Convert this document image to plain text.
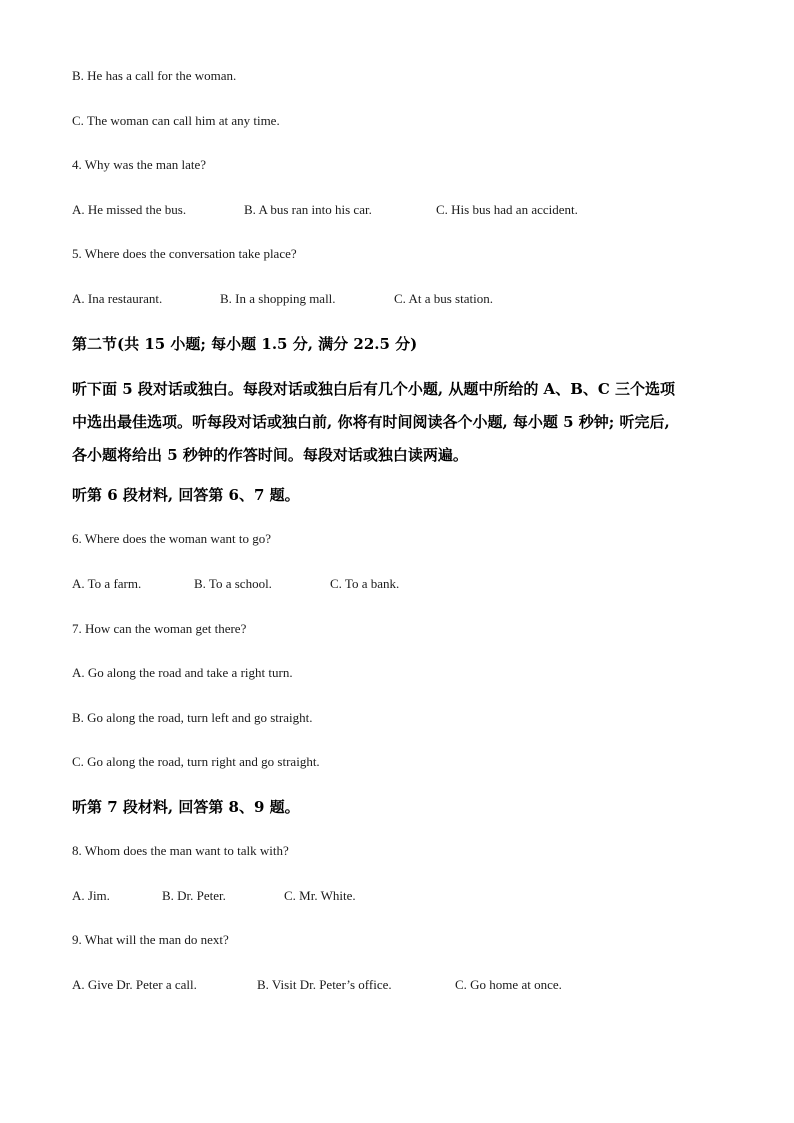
B. He has a call for the woman.
C. The woman can call him at any time.
4. Why was the man late?
A. He missed the bus.	B. A bus ran into his car.	C. His bus had an accident.
5. Where does the conversation take place?
A. Ina restaurant.	B. In a shopping mall.	C. At a bus station.
第二节(共 15 小题; 每小题 1.5 分, 满分 22.5 分)
听下面 5 段对话或独白。每段对话或独白后有几个小题, 从题中所给的 A、B、C 三个选项
中选出最佳选项。听每段对话或独白前, 你将有时间阅读各个小题, 每小题 5 秒钟; 听完后,
各小题将给出 5 秒钟的作答时间。每段对话或独白读两遍。
听第 6 段材料, 回答第 6、7 题。
6. Where does the woman want to go?
A. To a farm.	B. To a school.	C. To a bank.
7. How can the woman get there?
A. Go along the road and take a right turn.
B. Go along the road, turn left and go straight.
C. Go along the road, turn right and go straight.
听第 7 段材料, 回答第 8、9 题。
8. Whom does the man want to talk with?
A. Jim.	B. Dr. Peter.	C. Mr. White.
9. What will the man do next?
A. Give Dr. Peter a call.	B. Visit Dr. Peter’s office.	C. Go home at once.
